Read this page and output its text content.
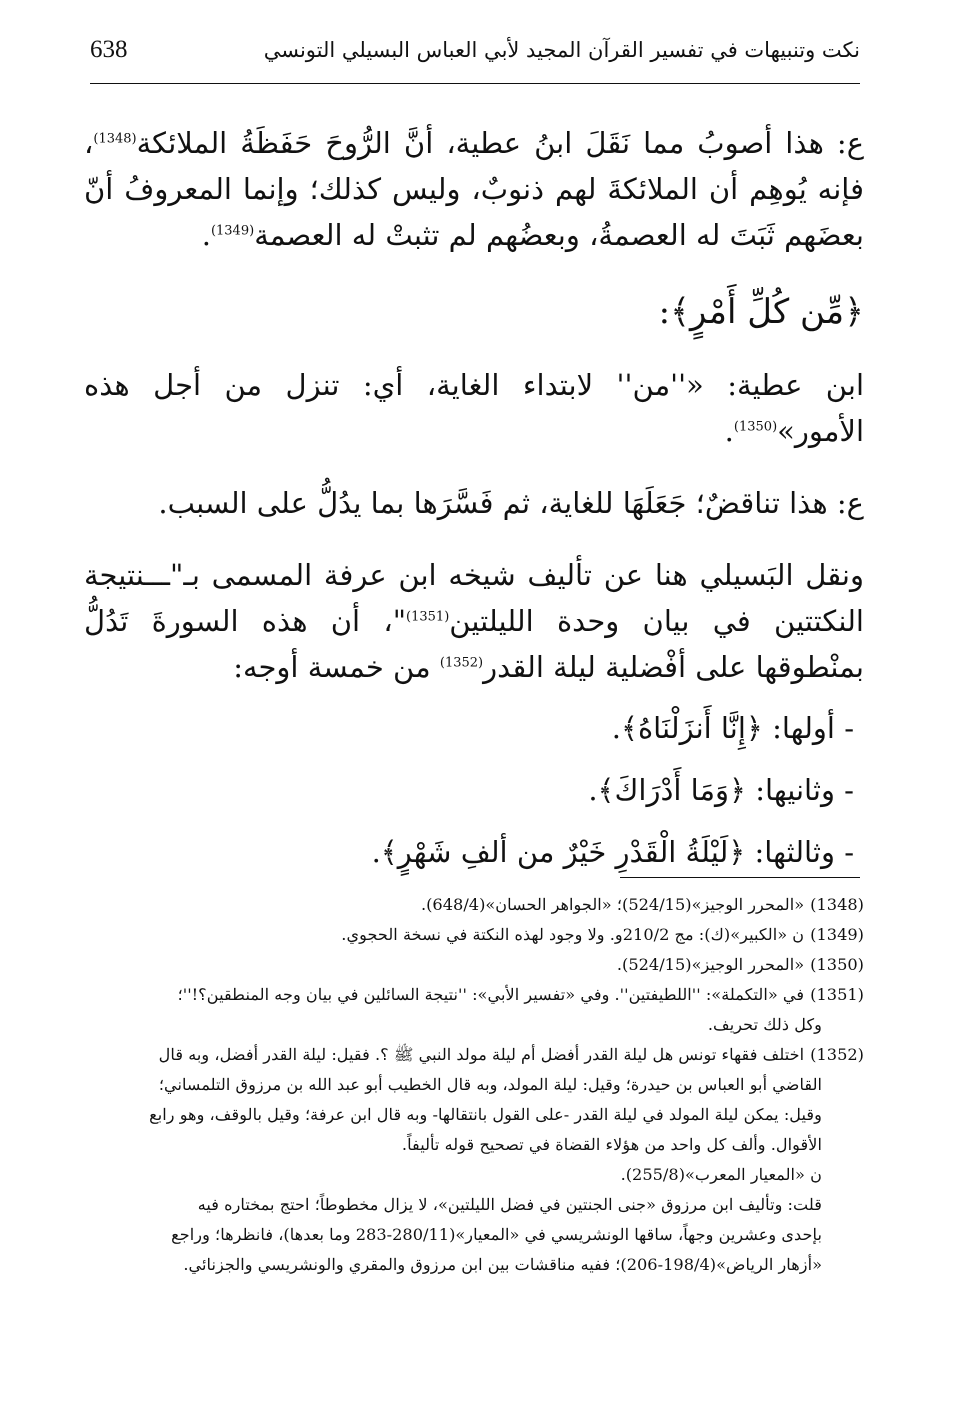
638	نكت وتنبيهات في تفسير القرآن المجيد لأبي العباس البسيلي التونسي

ع: هذا أصوبُ مما نَقَلَ ابنُ عطية، أنَّ الرُّوحَ حَفَظَةُ الملائكة$^{(1348)}$، فإنه يُوهِم أن الملائكةَ لهم ذنوبٌ، وليس كذلك؛ وإنما المعروفُ أنّ بعضَهم ثَبَتَ له العصمةُ، وبعضُهم لم تثبتْ له العصمة$^{(1349)}$.

﴿مِّن كُلِّ أَمْرٍ﴾:

ابن عطية: «''من'' لابتداء الغاية، أي: تنزل من أجل هذه الأمور»$^{(1350)}$.

ع: هذا تناقضٌ؛ جَعَلَهَا للغاية، ثم فَسَّرَها بما يدُلُّ على السبب.

ونقل البَسيلي هنا عن تأليف شيخه ابن عرفة المسمى بـ"ـــنتيجة النكتتين في بيان وحدة الليلتين$^{(1351)}$"، أن هذه السورةَ تَدُلُّ بمنْطوقها على أفْضلية ليلة القدر$^{(1352)}$ من خمسة أوجه:

- أولها: ﴿إِنَّا أَنزَلْنَاهُ﴾.

- وثانيها: ﴿وَمَا أَدْرَاكَ﴾.

- وثالثها: ﴿لَيْلَةُ الْقَدْرِ خَيْرٌ من ألفِ شَهْرٍ﴾.

(1348)«المحرر الوجيز»(524/15)؛ «الجواهر الحسان»(648/4).

(1349)ن «الكبير»(ك): مج 210/2و. ولا وجود لهذه النكتة في نسخة الحجوي.

(1350)«المحرر الوجيز»(524/15).

(1351)في «التكملة»: ''اللطيفتين''. وفي «تفسير الأبي»: ''نتيجة السائلين في بيان وجه المنطقين؟!''؛
وكل ذلك تحريف.

(1352)اختلف فقهاء تونس هل ليلة القدر أفضل أم ليلة مولد النبي ﷺ ؟. فقيل: ليلة القدر أفضل، وبه قال
القاضي أبو العباس بن حيدرة؛ وقيل: ليلة المولد، وبه قال الخطيب أبو عبد الله بن مرزوق التلمساني؛
وقيل: يمكن ليلة المولد في ليلة القدر -على القول بانتقالها- وبه قال ابن عرفة؛ وقيل بالوقف، وهو رابع
الأقوال. وألف كل واحد من هؤلاء القضاة في تصحيح قوله تأليفاً.
ن «المعيار المعرب»(255/8).

قلت: وتأليف ابن مرزوق «جنى الجنتين في فضل الليلتين»، لا يزال مخطوطاً؛ احتج بمختاره فيه

بإحدى وعشرين وجهاً، ساقها الونشريسي في «المعيار»(280/11-283 وما بعدها)، فانظرها؛ وراجع

«أزهار الرياض»(198/4-206)؛ ففيه مناقشات بين ابن مرزوق والمقري والونشريسي والجزنائي.
